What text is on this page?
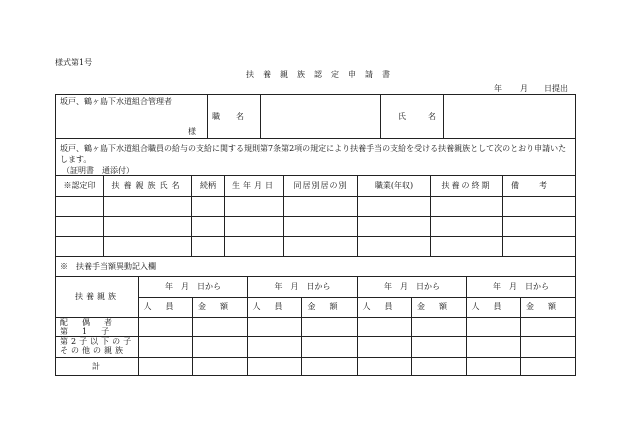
様式第1号
扶養親族認定申請書
年 月 日提出
坂戸、鶴ヶ島下水道組合管理者
様
職名	氏名
坂戸、鶴ヶ島下水道組合職員の給与の支給に関する規則第7条第2項の規定により扶養手当の支給を受ける扶養親族として次のとおり申請いたします。
（証明書　通添付）
※認定印	扶養親族氏名	続柄	生年月日	同居別居の別	職業(年収)	扶養の終期	備考
※　扶養手当額異動記入欄
扶養親族
年　月　日から	年　月　日から	年　月　日から	年　月　日から
人員	金額	人員	金額	人員	金額	人員	金額
配偶者
第1子
第2子以下の子
その他の親族
計
